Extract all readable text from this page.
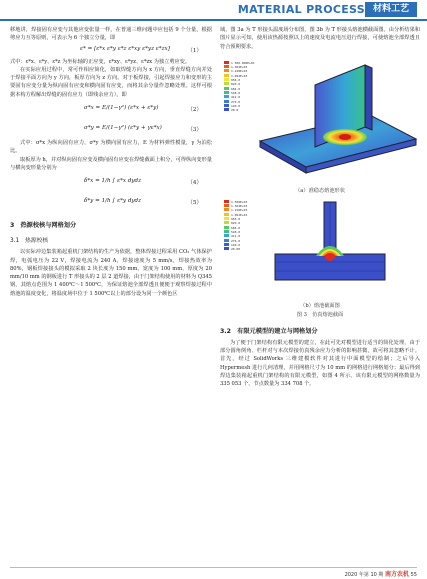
MATERIAL PROCESS 材料工艺

移地讲，焊接固有应变与其他应变张量一样，在普通三维问题中应包括 9 个分量，根据剪应力互等原则，可表示为 6 个独立分量，即

ε* = [ε*x ε*y ε*z ε*xy ε*yz ε*zx]	（1）

式中：ε*x、ε*y、ε*z 为坐标轴的正应变，ε*xy、ε*yz、ε*zx 为独立剪应变。

在实际应用过程中，常可作相应简化，如取焊缝方向为 x 方向，垂直焊缝方向并处于焊接平面方向为 y 方向，板厚方向为 z 方向。对于板焊接，引起焊接应力和变形的主要固有应变分量为纵向固有应变和横向固有应变，而将其余分量作忽略处理。这样可根据本构方程解出焊缝的固有应力（即残余应力），即

σ*x = E/(1−γ²) (ε*x + ε*y)	（2）
σ*y = E/(1−γ²) (ε*y + γε*x)	（3）

式中：σ*x 为纵向固有应力，σ*y 为横向固有应力，E 为材料弹性模量，γ 为泊松比。

取板厚为 h，并对纵向固有应变及横向固有应变在焊缝截面上积分，可得纵向变形量与横向变形量分别为

δ*x = 1/h ∫ ε*x dydz	（4）
δ*y = 1/h ∫ ε*y dydz	（5）
3　热源校核与网格划分
3.1　热源校核

以实际冲边集装箱起重机门架结构的生产为依据，整体焊接过程采用 CO₂ 气体保护焊，电弧电压为 22 V，焊接电流为 240 A，焊接速度为 5 mm/s，焊接热效率为 80%，钢板焊接接头的模拟采取 2 块长度为 150 mm、宽度为 100 mm、厚度为 20 mm/10 mm 的钢板进行 T 形接头的 2 层 2 道焊接，由于门架结构使用的材料为 Q345 钢，其熔点范围为 1 400℃～1 500℃，为保证熔池全部焊透且便便于观察焊接过程中熔池的温度变化，将温度场中位于 1 500℃以上的部分设为同一个颜色区

域，图 3a 为 T 形接头温度场分布图，图 3b 为 T 形接头熔池横截面图。由分析结果和图片显示可知，使用该热源按照以上的速度及电流电压进行焊接，可使熔池全部焊透且符合预期要求。

1 500.000E+03
1.364E+03
1.228E+03
1.092E+03
956.0
820.0
684.0
548.0
412.0
276.0
140.0
20.0
（a）准稳态熔池形状
1.500E+03
1.364E+03
1.228E+03
1.092E+03
956.0
820.0
684.0
548.0
412.0
276.0
140.0
20.00
（b）熔池截面图
图 3　仿真熔池截面
3.2　有限元模型的建立与网格划分

为了便于门架结构有限元模型的建立，在此可先对模型进行适当的简化处理，由于部分圆角倒角、栏杆对与本次焊接仿真残余应力分析的影响甚微，故可将其忽略不计。首先，经过 SolidWorks 三维建模软件对其进行中面模型的绘制；之后导入 Hypermesh 进行几何清理，并用网格尺寸为 10 mm 的网格进行网格划分；最后得到焊边集装箱起重机门架结构的有限元模型，如图 4 所示。该有限元模型的网格数量为 335 053 个，节点数量为 334 708 个。

2020 年第 10 期 南方农机 55
